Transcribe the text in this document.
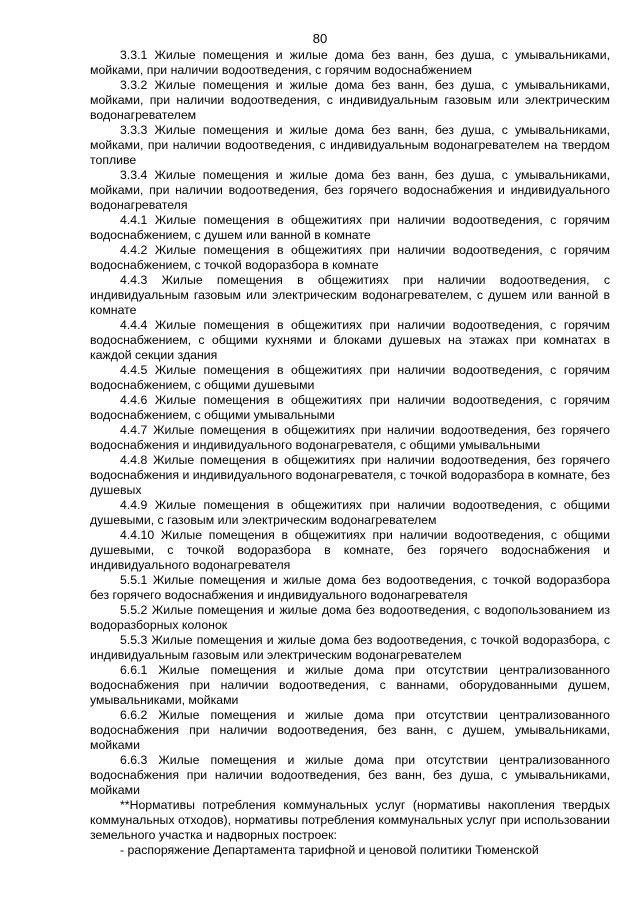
80

3.3.1 Жилые помещения и жилые дома без ванн, без душа, с умывальниками, мойками, при наличии водоотведения, с горячим водоснабжением

3.3.2 Жилые помещения и жилые дома без ванн, без душа, с умывальниками, мойками, при наличии водоотведения, с индивидуальным газовым или электрическим водонагревателем

3.3.3 Жилые помещения и жилые дома без ванн, без душа, с умывальниками, мойками, при наличии водоотведения, с индивидуальным водонагревателем на твердом топливе

3.3.4 Жилые помещения и жилые дома без ванн, без душа, с умывальниками, мойками, при наличии водоотведения, без горячего водоснабжения и индивидуального водонагревателя

4.4.1 Жилые помещения в общежитиях при наличии водоотведения, с горячим водоснабжением, с душем или ванной в комнате

4.4.2 Жилые помещения в общежитиях при наличии водоотведения, с горячим водоснабжением, с точкой водоразбора в комнате

4.4.3 Жилые помещения в общежитиях при наличии водоотведения, с индивидуальным газовым или электрическим водонагревателем, с душем или ванной в комнате

4.4.4 Жилые помещения в общежитиях при наличии водоотведения, с горячим водоснабжением, с общими кухнями и блоками душевых на этажах при комнатах в каждой секции здания

4.4.5 Жилые помещения в общежитиях при наличии водоотведения, с горячим водоснабжением, с общими душевыми

4.4.6 Жилые помещения в общежитиях при наличии водоотведения, с горячим водоснабжением, с общими умывальными

4.4.7 Жилые помещения в общежитиях при наличии водоотведения, без горячего водоснабжения и индивидуального водонагревателя, с общими умывальными

4.4.8 Жилые помещения в общежитиях при наличии водоотведения, без горячего водоснабжения и индивидуального водонагревателя, с точкой водоразбора в комнате, без душевых

4.4.9 Жилые помещения в общежитиях при наличии водоотведения, с общими душевыми, с газовым или электрическим водонагревателем

4.4.10 Жилые помещения в общежитиях при наличии водоотведения, с общими душевыми, с точкой водоразбора в комнате, без горячего водоснабжения и индивидуального водонагревателя

5.5.1 Жилые помещения и жилые дома без водоотведения, с точкой водоразбора без горячего водоснабжения и индивидуального водонагревателя

5.5.2 Жилые помещения и жилые дома без водоотведения, с водопользованием из водоразборных колонок

5.5.3 Жилые помещения и жилые дома без водоотведения, с точкой водоразбора, с индивидуальным газовым или электрическим водонагревателем

6.6.1 Жилые помещения и жилые дома при отсутствии централизованного водоснабжения при наличии водоотведения, с ваннами, оборудованными душем, умывальниками, мойками

6.6.2 Жилые помещения и жилые дома при отсутствии централизованного водоснабжения при наличии водоотведения, без ванн, с душем, умывальниками, мойками

6.6.3 Жилые помещения и жилые дома при отсутствии централизованного водоснабжения при наличии водоотведения, без ванн, без душа, с умывальниками, мойками

**Нормативы потребления коммунальных услуг (нормативы накопления твердых коммунальных отходов), нормативы потребления коммунальных услуг при использовании земельного участка и надворных построек:

- распоряжение Департамента тарифной и ценовой политики Тюменской
